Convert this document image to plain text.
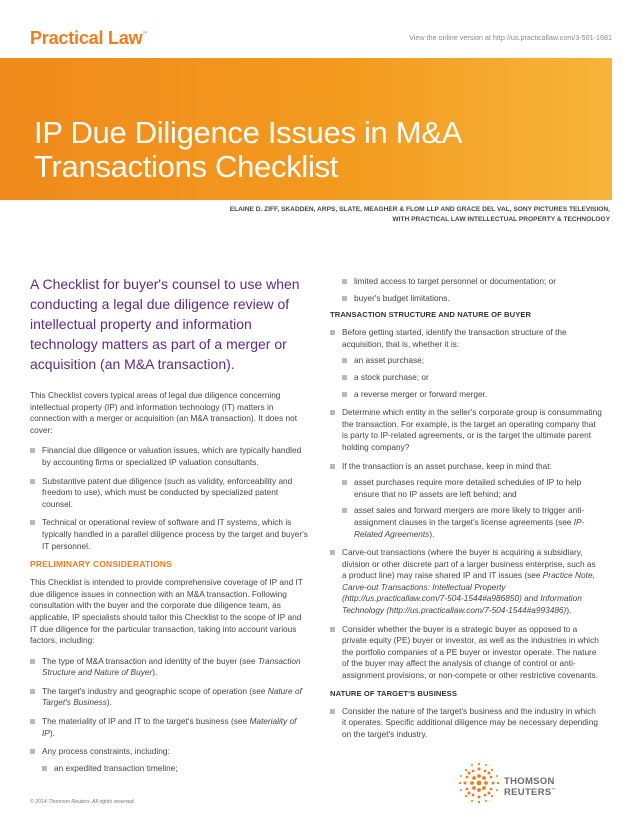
Practical Law™	View the online version at http://us.practicallaw.com/3-501-1681
IP Due Diligence Issues in M&A Transactions Checklist
ELAINE D. ZIFF, SKADDEN, ARPS, SLATE, MEAGHER & FLOM LLP AND GRACE DEL VAL, SONY PICTURES TELEVISION,
WITH PRACTICAL LAW INTELLECTUAL PROPERTY & TECHNOLOGY

A Checklist for buyer's counsel to use when conducting a legal due diligence review of intellectual property and information technology matters as part of a merger or acquisition (an M&A transaction).

This Checklist covers typical areas of legal due diligence concerning intellectual property (IP) and information technology (IT) matters in connection with a merger or acquisition (an M&A transaction). It does not cover:

Financial due diligence or valuation issues, which are typically handled by accounting firms or specialized IP valuation consultants.
Substantive patent due diligence (such as validity, enforceability and freedom to use), which must be conducted by specialized patent counsel.
Technical or operational review of software and IT systems, which is typically handled in a parallel diligence process by the target and buyer's IT personnel.
PRELIMINARY CONSIDERATIONS

This Checklist is intended to provide comprehensive coverage of IP and IT due diligence issues in connection with an M&A transaction. Following consultation with the buyer and the corporate due diligence team, as applicable, IP specialists should tailor this Checklist to the scope of IP and IT due diligence for the particular transaction, taking into account various factors, including:

The type of M&A transaction and identity of the buyer (see Transaction Structure and Nature of Buyer).
The target's industry and geographic scope of operation (see Nature of Target's Business).
The materiality of IP and IT to the target's business (see Materiality of IP).
Any process constraints, including:
an expedited transaction timeline;
limited access to target personnel or documentation; or
buyer's budget limitations.
TRANSACTION STRUCTURE AND NATURE OF BUYER
Before getting started, identify the transaction structure of the acquisition, that is, whether it is:
an asset purchase;
a stock purchase; or
a reverse merger or forward merger.
Determine which entity in the seller's corporate group is consummating the transaction. For example, is the target an operating company that is party to IP-related agreements, or is the target the ultimate parent holding company?
If the transaction is an asset purchase, keep in mind that:
asset purchases require more detailed schedules of IP to help ensure that no IP assets are left behind; and
asset sales and forward mergers are more likely to trigger anti-assignment clauses in the target's license agreements (see IP-Related Agreements).
Carve-out transactions (where the buyer is acquiring a subsidiary, division or other discrete part of a larger business enterprise, such as a product line) may raise shared IP and IT issues (see Practice Note, Carve-out Transactions: Intellectual Property (http://us.practicallaw.com/7-504-1544#a986850) and Information Technology (http://us.practicallaw.com/7-504-1544#a993486)).
Consider whether the buyer is a strategic buyer as opposed to a private equity (PE) buyer or investor, as well as the industries in which the portfolio companies of a PE buyer or investor operate. The nature of the buyer may affect the analysis of change of control or anti-assignment provisions, or non-compete or other restrictive covenants.
NATURE OF TARGET'S BUSINESS
Consider the nature of the target's business and the industry in which it operates. Specific additional diligence may be necessary depending on the target's industry.
© 2014 Thomson Reuters. All rights reserved.
THOMSON REUTERS™
